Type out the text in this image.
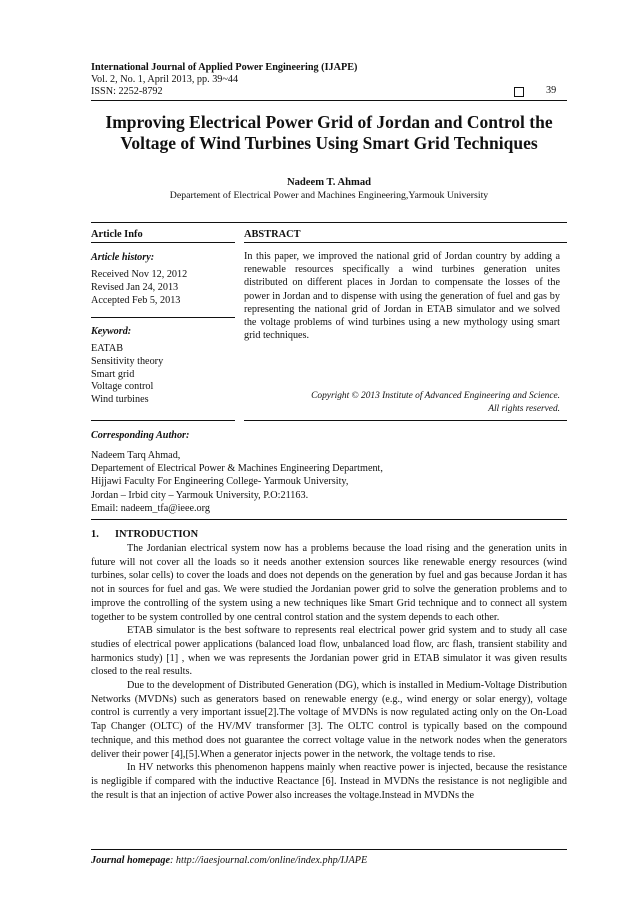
International Journal of Applied Power Engineering (IJAPE)
Vol. 2, No. 1, April 2013, pp. 39~44
ISSN: 2252-8792	39
Improving Electrical Power Grid of Jordan and Control the
Voltage of Wind Turbines Using Smart Grid Techniques
Nadeem T. Ahmad
Departement of Electrical Power and Machines Engineering,Yarmouk University
Article Info
Article history:
Received Nov 12, 2012
Revised Jan 24, 2013
Accepted Feb 5, 2013
Keyword:
EATAB
Sensitivity theory
Smart grid
Voltage control
Wind turbines
ABSTRACT

In this paper, we improved the national grid of Jordan country by adding a renewable resources specifically a wind turbines generation unites distributed on different places in Jordan to compensate the losses of the power in Jordan and to dispense with using the generation of fuel and gas by representing the national grid of Jordan in ETAB simulator and we solved the voltage problems of wind turbines using a new mythology using smart grid techniques.

Copyright © 2013 Institute of Advanced Engineering and Science.
All rights reserved.
Corresponding Author:
Nadeem Tarq Ahmad,
Departement of Electrical Power & Machines Engineering Department,
Hijjawi Faculty For Engineering College- Yarmouk University,
Jordan – Irbid city – Yarmouk University, P.O:21163.
Email: nadeem_tfa@ieee.org
1. INTRODUCTION

The Jordanian electrical system now has a problems because the load rising and the generation units in future will not cover all the loads so it needs another extension sources like renewable energy resources (wind turbines, solar cells) to cover the loads and does not depends on the generation by fuel and gas because Jordan it has not in sources for fuel and gas. We were studied the Jordanian power grid to solve the generation problems and to improve the controlling of the system using a new techniques like Smart Grid technique and to connect all system together to be system controlled by one central control station and the system depends to each other.

ETAB simulator is the best software to represents real electrical power grid system and to study all case studies of electrical power applications (balanced load flow, unbalanced load flow, arc flash, transient stability and harmonics study) [1] , when we was represents the Jordanian power grid in ETAB simulator it was given results closed to the real results.

Due to the development of Distributed Generation (DG), which is installed in Medium-Voltage Distribution Networks (MVDNs) such as generators based on renewable energy (e.g., wind energy or solar energy), voltage control is currently a very important issue[2].The voltage of MVDNs is now regulated acting only on the On-Load Tap Changer (OLTC) of the HV/MV transformer [3]. The OLTC control is typically based on the compound technique, and this method does not guarantee the correct voltage value in the network nodes when the generators deliver their power [4],[5].When a generator injects power in the network, the voltage tends to rise.

In HV networks this phenomenon happens mainly when reactive power is injected, because the resistance is negligible if compared with the inductive Reactance [6]. Instead in MVDNs the resistance is not negligible and the result is that an injection of active Power also increases the voltage.Instead in MVDNs the

Journal homepage: http://iaesjournal.com/online/index.php/IJAPE
